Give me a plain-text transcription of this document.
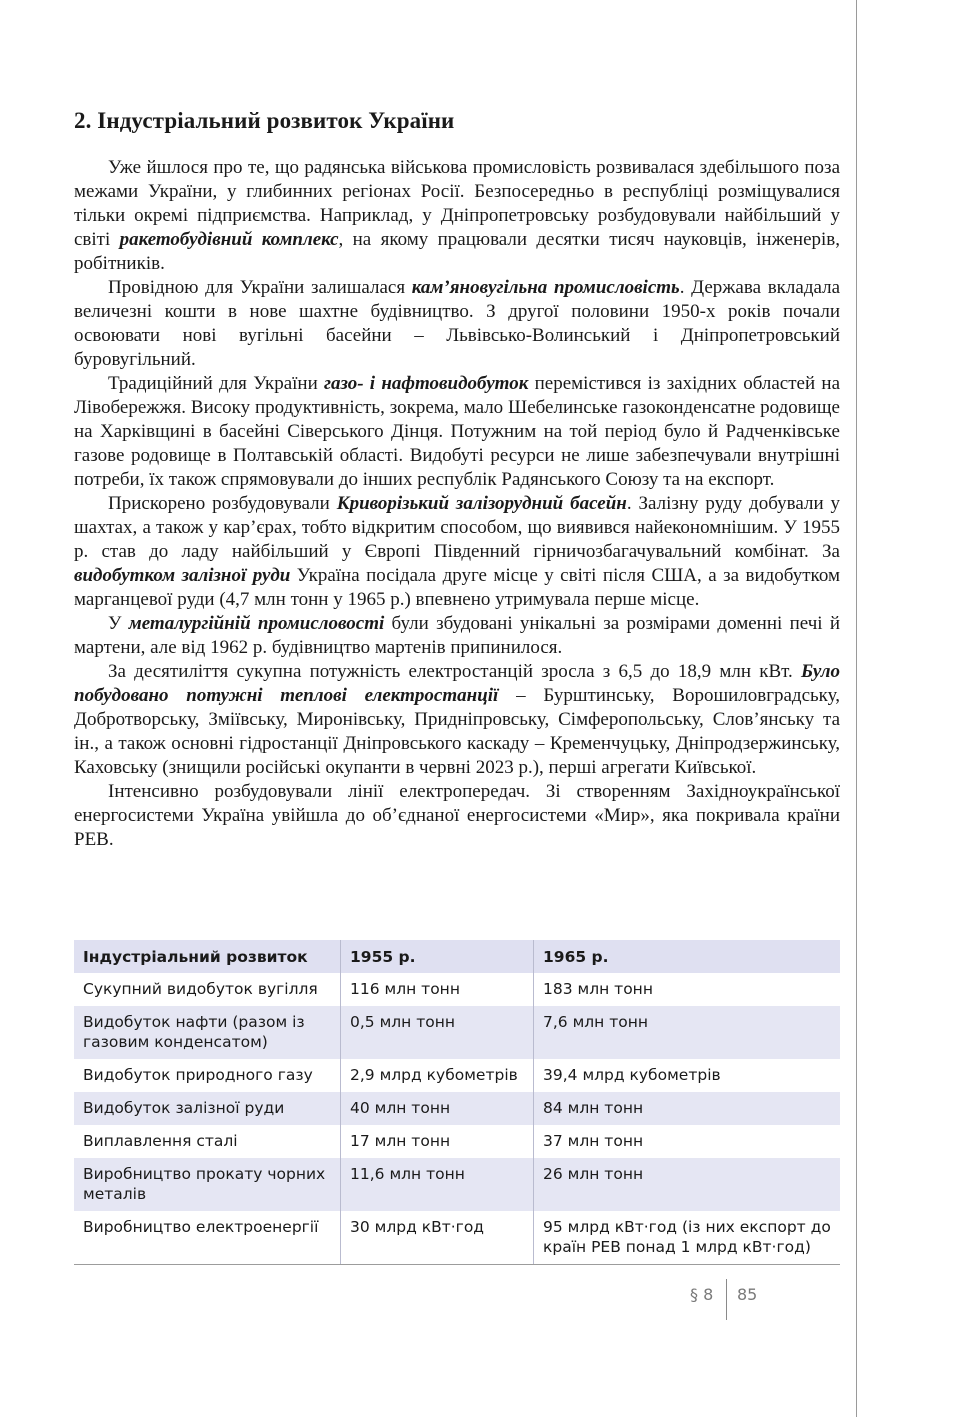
2. Індустріальний розвиток України

Уже йшлося про те, що радянська військова промисловість розвивалася здебільшого поза межами України, у глибинних регіонах Росії. Безпосередньо в республіці розміщувалися тільки окремі підприємства. Наприклад, у Дніпропетровську розбудовували найбільший у світі ракетобудівний комплекс, на якому працювали десятки тисяч науковців, інженерів, робітників.

Провідною для України залишалася кам’яновугільна промисловість. Держава вкладала величезні кошти в нове шахтне будівництво. З другої половини 1950-х років почали освоювати нові вугільні басейни – Львівсько-Волинський і Дніпропетровський буровугільний.

Традиційний для України газо- і нафтовидобуток перемістився із західних областей на Лівобережжя. Високу продуктивність, зокрема, мало Шебелинське газоконденсатне родовище на Харківщині в басейні Сіверського Дінця. Потужним на той період було й Радченківське газове родовище в Полтавській області. Видобуті ресурси не лише забезпечували внутрішні потреби, їх також спрямовували до інших республік Радянського Союзу та на експорт.

Прискорено розбудовували Криворізький залізорудний басейн. Залізну руду добували у шахтах, а також у кар’єрах, тобто відкритим способом, що виявився найекономнішим. У 1955 р. став до ладу найбільший у Європі Південний гірничозбагачувальний комбінат. За видобутком залізної руди Україна посідала друге місце у світі після США, а за видобутком марганцевої руди (4,7 млн тонн у 1965 р.) впевнено утримувала перше місце.

У металургійній промисловості були збудовані унікальні за розмірами доменні печі й мартени, але від 1962 р. будівництво мартенів припинилося.

За десятиліття сукупна потужність електростанцій зросла з 6,5 до 18,9 млн кВт. Було побудовано потужні теплові електростанції – Бурштинську, Ворошиловградську, Добротворську, Зміївську, Миронівську, Придніпровську, Сімферопольську, Слов’янську та ін., а також основні гідростанції Дніпровського каскаду – Кременчуцьку, Дніпродзержинську, Каховську (знищили російські окупанти в червні 2023 р.), перші агрегати Київської.

Інтенсивно розбудовували лінії електропередач. Зі створенням Західноукраїнської енергосистеми Україна увійшла до об’єднаної енергосистеми «Мир», яка покривала країни РЕВ.

Індустріальний розвиток	1955 р.	1965 р.
Сукупний видобуток вугілля	116 млн тонн	183 млн тонн
Видобуток нафти (разом із газовим конденсатом)	0,5 млн тонн	7,6 млн тонн
Видобуток природного газу	2,9 млрд кубометрів	39,4 млрд кубометрів
Видобуток залізної руди	40 млн тонн	84 млн тонн
Виплавлення сталі	17 млн тонн	37 млн тонн
Виробництво прокату чорних металів	11,6 млн тонн	26 млн тонн
Виробництво електроенергії	30 млрд кВт·год	95 млрд кВт·год (із них експорт до країн РЕВ понад 1 млрд кВт·год)
§ 8 85
